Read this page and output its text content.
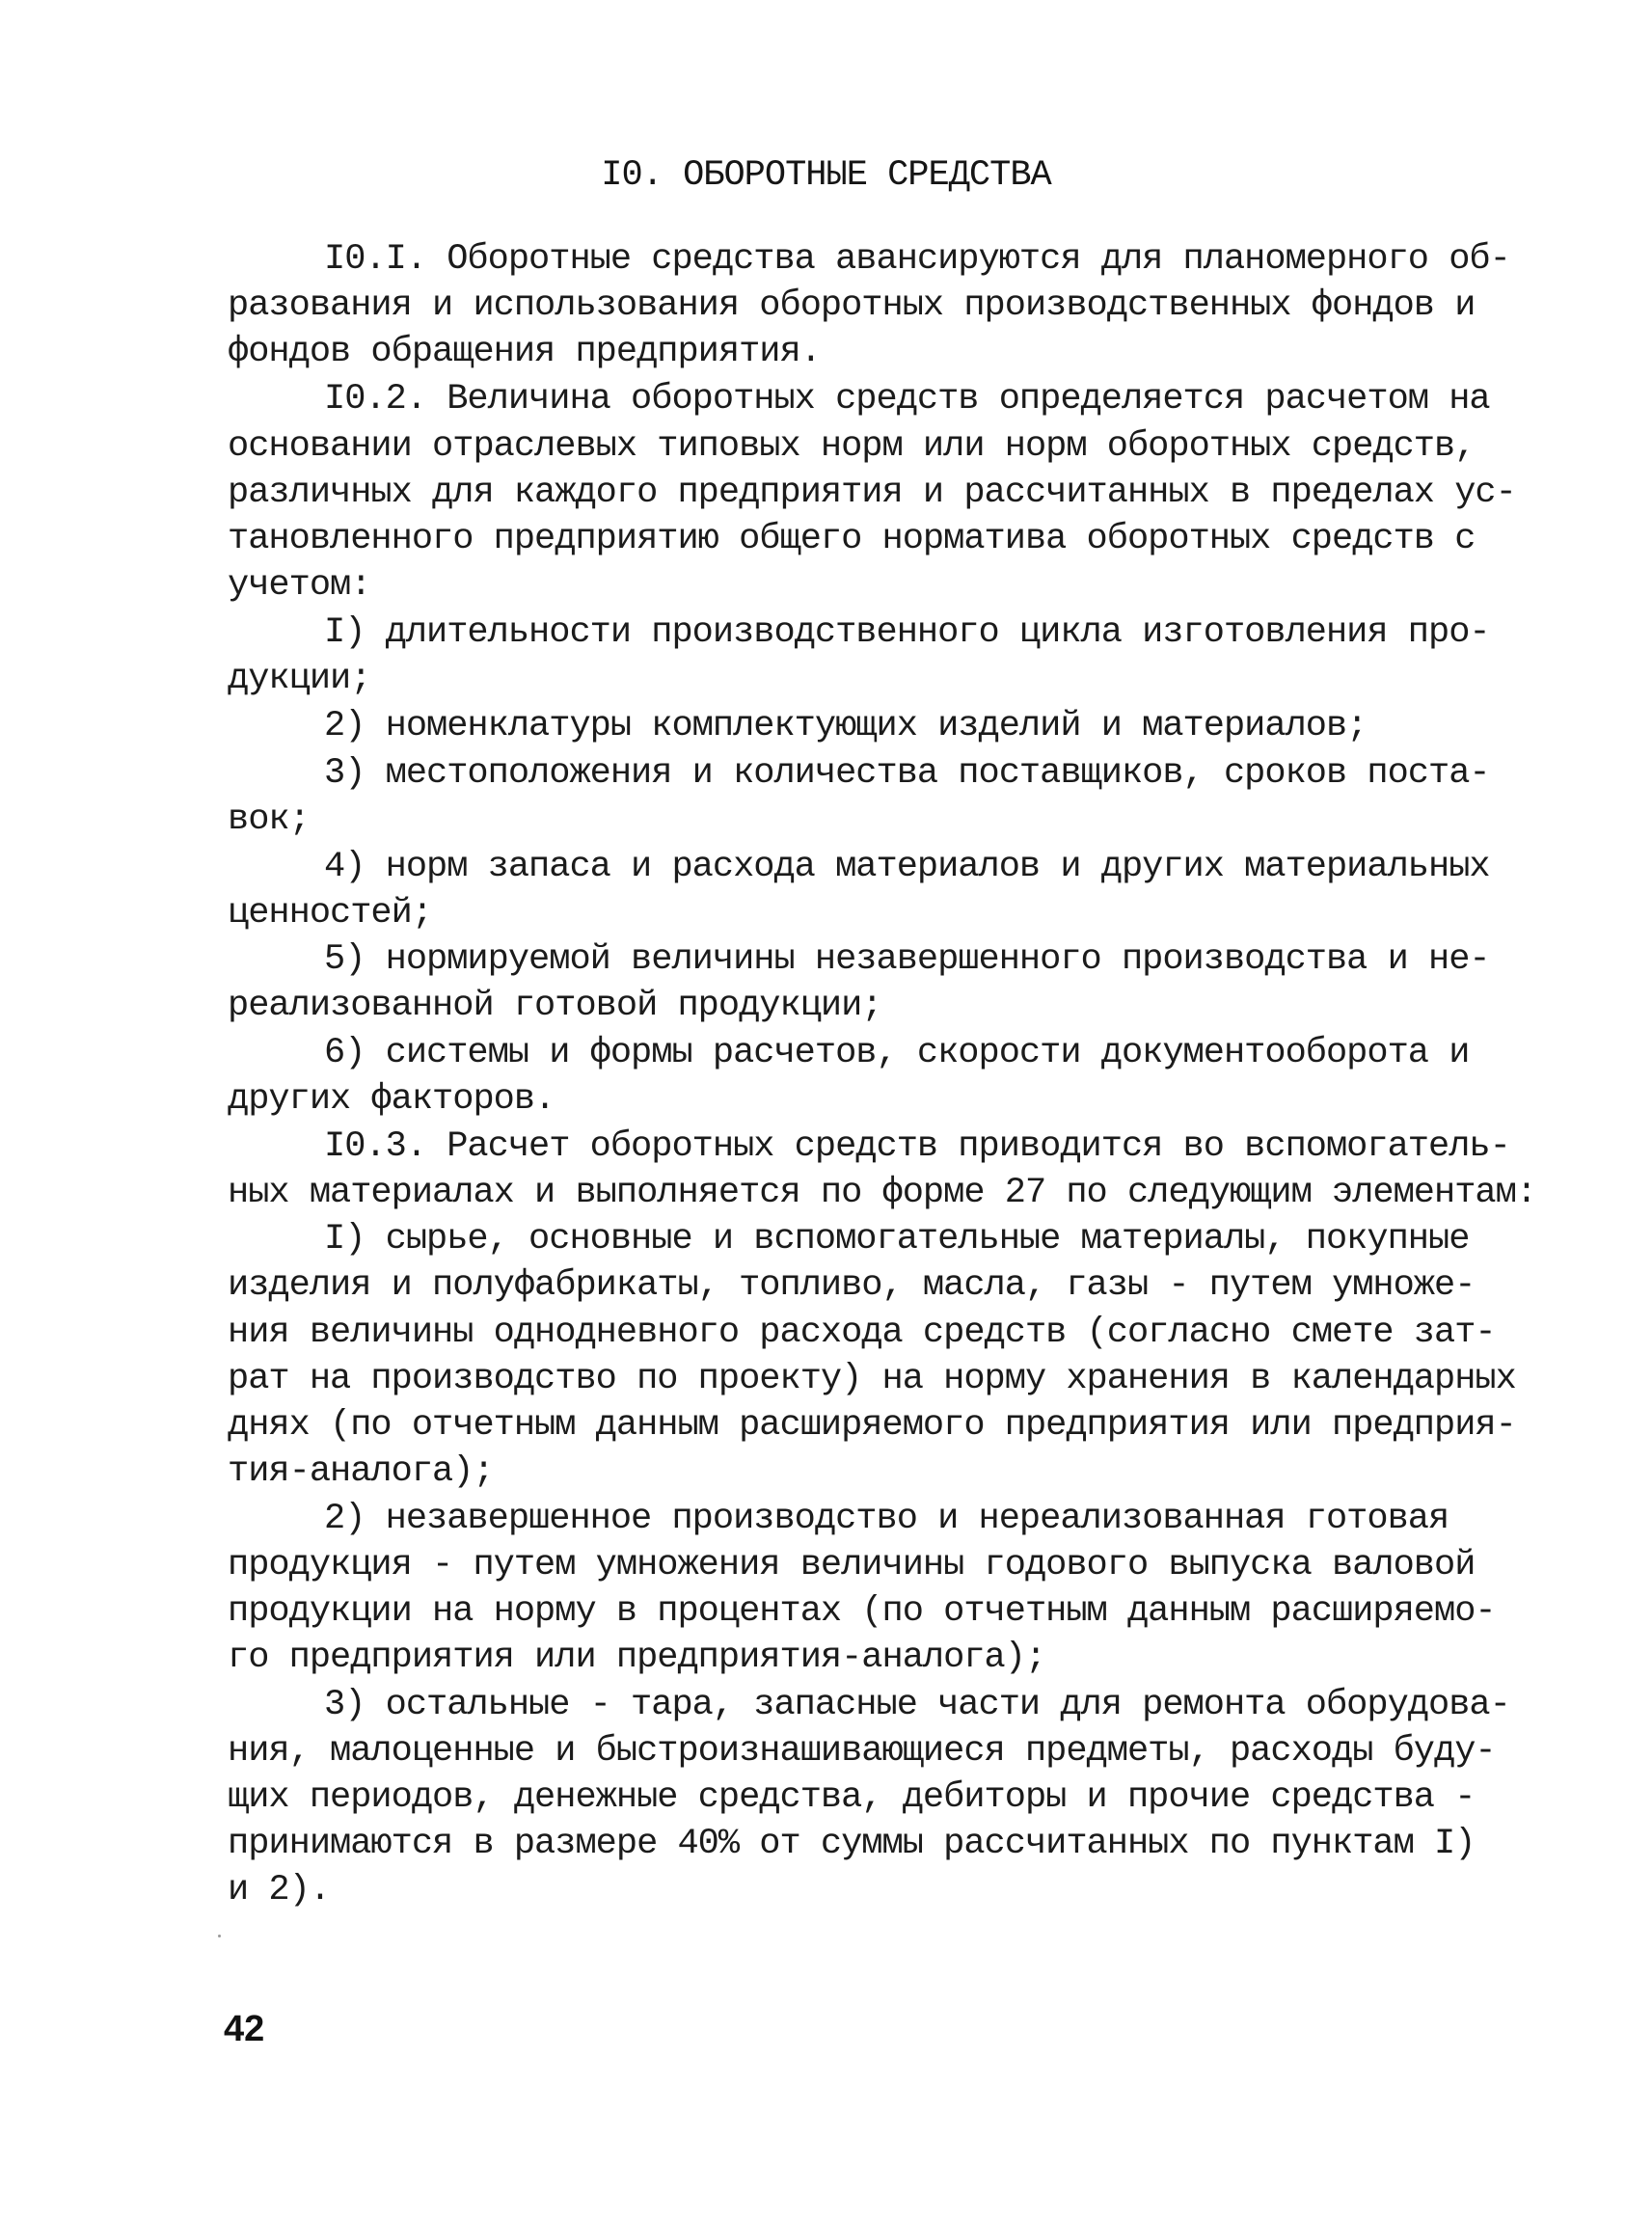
I0. ОБОРОТНЫЕ СРЕДСТВА
I0.I. Оборотные средства авансируются для планомерного об-
разования и использования оборотных производственных фондов и
фондов обращения предприятия.
I0.2. Величина оборотных средств определяется расчетом на
основании отраслевых типовых норм или норм оборотных средств,
различных для каждого предприятия и рассчитанных в пределах ус-
тановленного предприятию общего норматива оборотных средств с
учетом:
I) длительности производственного цикла изготовления про-
дукции;
2) номенклатуры комплектующих изделий и материалов;
3) местоположения и количества поставщиков, сроков поста-
вок;
4) норм запаса и расхода материалов и других материальных
ценностей;
5) нормируемой величины незавершенного производства и не-
реализованной готовой продукции;
6) системы и формы расчетов, скорости документооборота и
других факторов.
I0.3. Расчет оборотных средств приводится во вспомогатель-
ных материалах и выполняется по форме 27 по следующим элементам:
I) сырье, основные и вспомогательные материалы, покупные
изделия и полуфабрикаты, топливо, масла, газы - путем умноже-
ния величины однодневного расхода средств (согласно смете зат-
рат на производство по проекту) на норму хранения в календарных
днях (по отчетным данным расширяемого предприятия или предприя-
тия-аналога);
2) незавершенное производство и нереализованная готовая
продукция - путем умножения величины годового выпуска валовой
продукции на норму в процентах (по отчетным данным расширяемо-
го предприятия или предприятия-аналога);
3) остальные - тара, запасные части для ремонта оборудова-
ния, малоценные и быстроизнашивающиеся предметы, расходы буду-
щих периодов, денежные средства, дебиторы и прочие средства -
принимаются в размере 40% от суммы рассчитанных по пунктам I)
и 2).
42
